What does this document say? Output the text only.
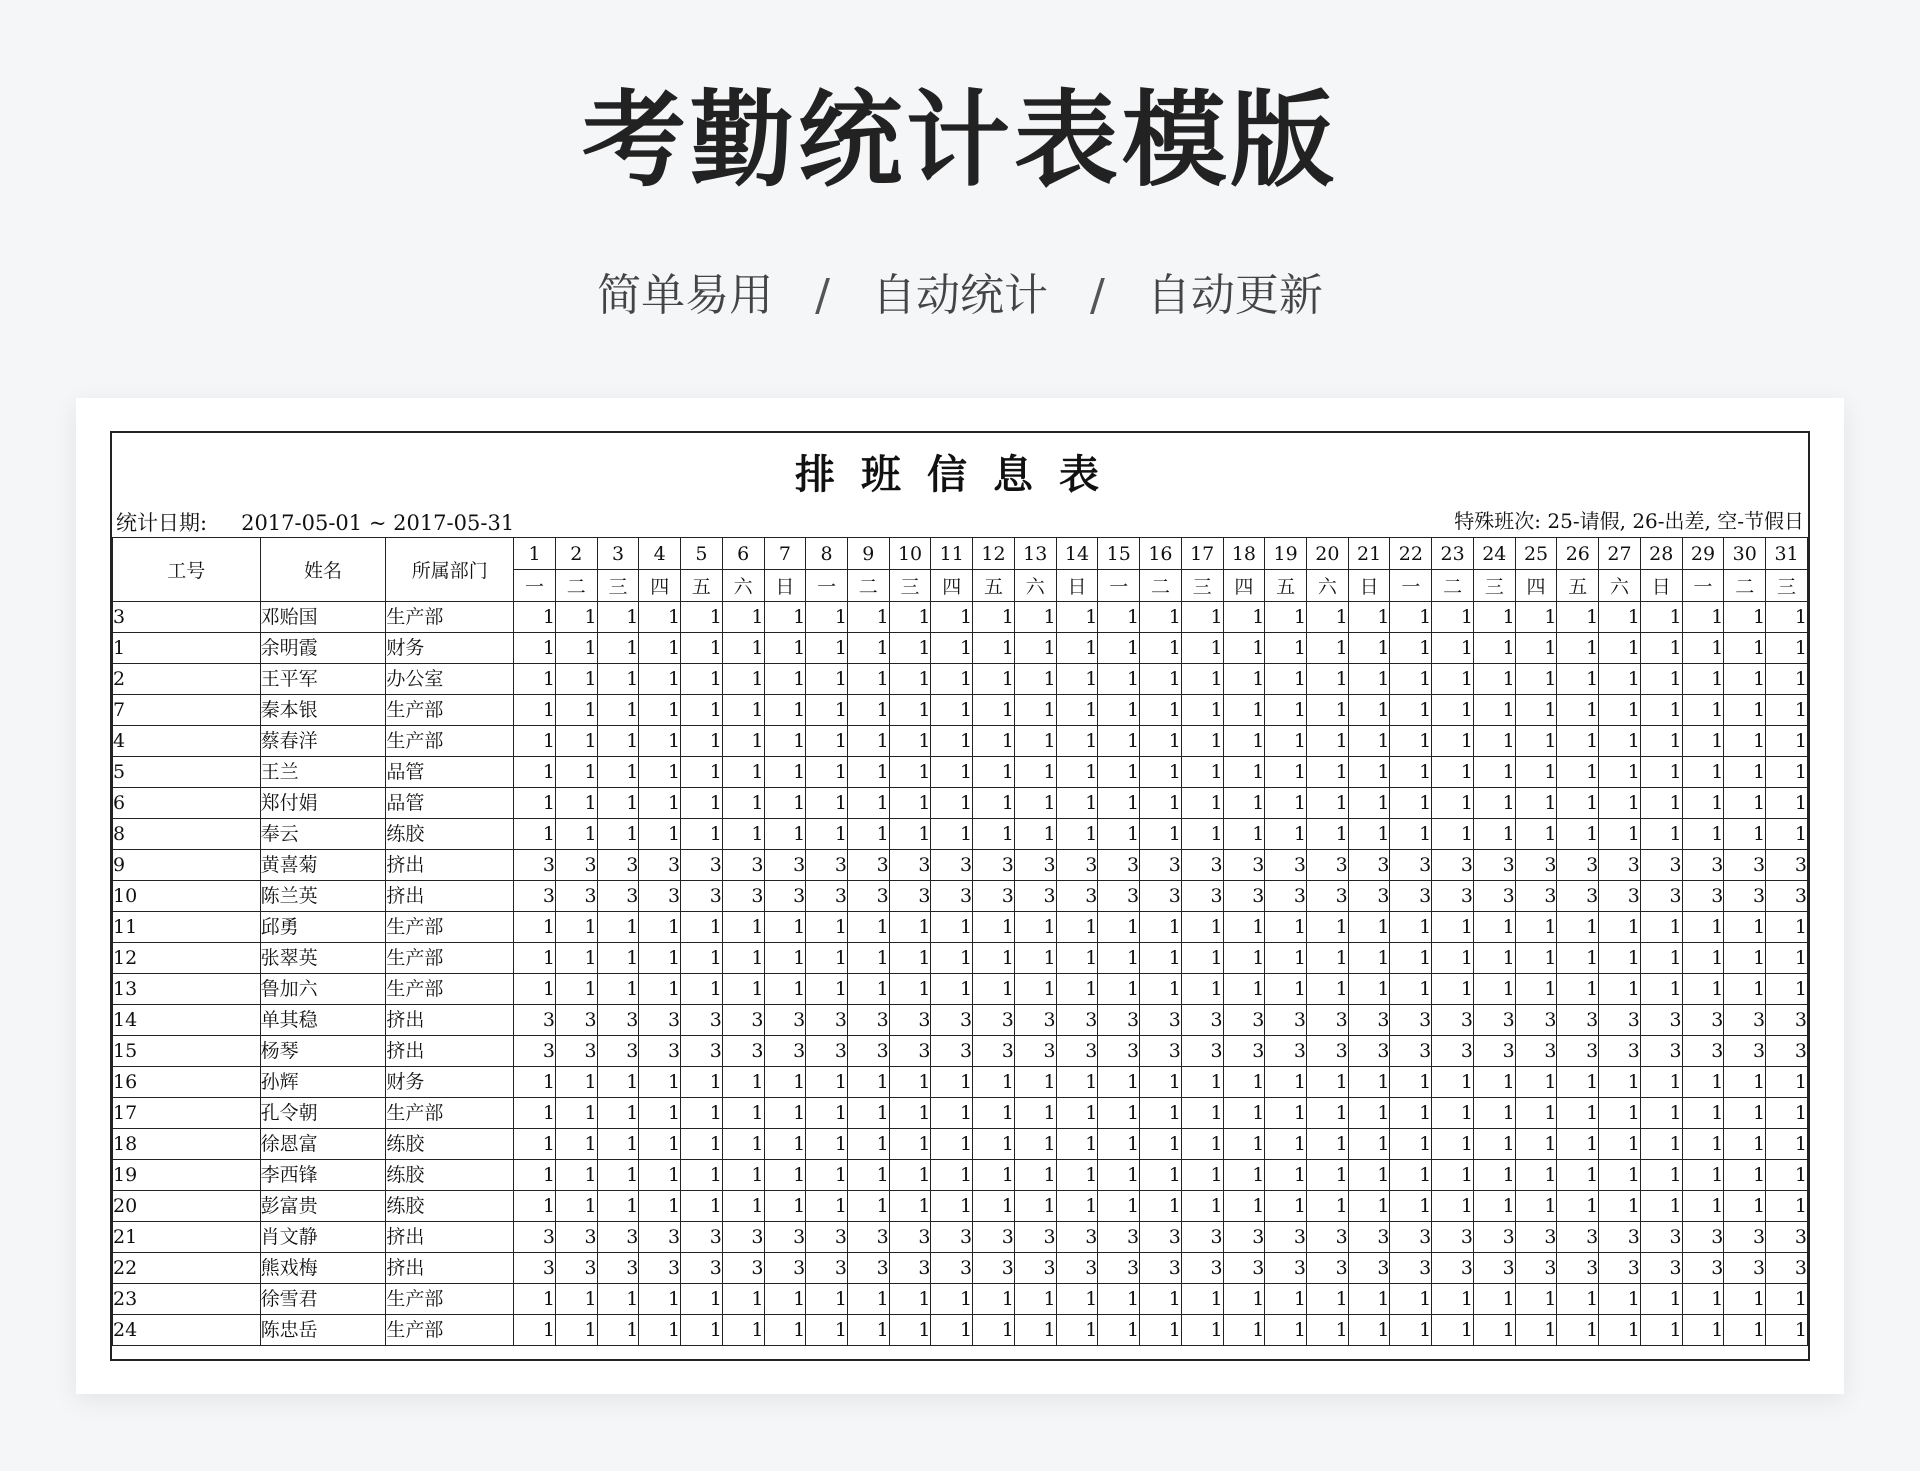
考勤统计表模版
简单易用 / 自动统计 / 自动更新
排班信息表
统计日期: 2017-05-01 ~ 2017-05-31	特殊班次: 25-请假, 26-出差, 空-节假日
工号	姓名	所属部门	1	2	3	4	5	6	7	8	9	10	11	12	13	14	15	16	17	18	19	20	21	22	23	24	25	26	27	28	29	30	31
			一	二	三	四	五	六	日	一	二	三	四	五	六	日	一	二	三	四	五	六	日	一	二	三	四	五	六	日	一	二	三
3	邓贻国	生产部	1	1	1	1	1	1	1	1	1	1	1	1	1	1	1	1	1	1	1	1	1	1	1	1	1	1	1	1	1	1	1
1	余明霞	财务	1	1	1	1	1	1	1	1	1	1	1	1	1	1	1	1	1	1	1	1	1	1	1	1	1	1	1	1	1	1	1
2	王平军	办公室	1	1	1	1	1	1	1	1	1	1	1	1	1	1	1	1	1	1	1	1	1	1	1	1	1	1	1	1	1	1	1
7	秦本银	生产部	1	1	1	1	1	1	1	1	1	1	1	1	1	1	1	1	1	1	1	1	1	1	1	1	1	1	1	1	1	1	1
4	蔡春洋	生产部	1	1	1	1	1	1	1	1	1	1	1	1	1	1	1	1	1	1	1	1	1	1	1	1	1	1	1	1	1	1	1
5	王兰	品管	1	1	1	1	1	1	1	1	1	1	1	1	1	1	1	1	1	1	1	1	1	1	1	1	1	1	1	1	1	1	1
6	郑付娟	品管	1	1	1	1	1	1	1	1	1	1	1	1	1	1	1	1	1	1	1	1	1	1	1	1	1	1	1	1	1	1	1
8	奉云	练胶	1	1	1	1	1	1	1	1	1	1	1	1	1	1	1	1	1	1	1	1	1	1	1	1	1	1	1	1	1	1	1
9	黄喜菊	挤出	3	3	3	3	3	3	3	3	3	3	3	3	3	3	3	3	3	3	3	3	3	3	3	3	3	3	3	3	3	3	3
10	陈兰英	挤出	3	3	3	3	3	3	3	3	3	3	3	3	3	3	3	3	3	3	3	3	3	3	3	3	3	3	3	3	3	3	3
11	邱勇	生产部	1	1	1	1	1	1	1	1	1	1	1	1	1	1	1	1	1	1	1	1	1	1	1	1	1	1	1	1	1	1	1
12	张翠英	生产部	1	1	1	1	1	1	1	1	1	1	1	1	1	1	1	1	1	1	1	1	1	1	1	1	1	1	1	1	1	1	1
13	鲁加六	生产部	1	1	1	1	1	1	1	1	1	1	1	1	1	1	1	1	1	1	1	1	1	1	1	1	1	1	1	1	1	1	1
14	单其稳	挤出	3	3	3	3	3	3	3	3	3	3	3	3	3	3	3	3	3	3	3	3	3	3	3	3	3	3	3	3	3	3	3
15	杨琴	挤出	3	3	3	3	3	3	3	3	3	3	3	3	3	3	3	3	3	3	3	3	3	3	3	3	3	3	3	3	3	3	3
16	孙辉	财务	1	1	1	1	1	1	1	1	1	1	1	1	1	1	1	1	1	1	1	1	1	1	1	1	1	1	1	1	1	1	1
17	孔令朝	生产部	1	1	1	1	1	1	1	1	1	1	1	1	1	1	1	1	1	1	1	1	1	1	1	1	1	1	1	1	1	1	1
18	徐恩富	练胶	1	1	1	1	1	1	1	1	1	1	1	1	1	1	1	1	1	1	1	1	1	1	1	1	1	1	1	1	1	1	1
19	李西锋	练胶	1	1	1	1	1	1	1	1	1	1	1	1	1	1	1	1	1	1	1	1	1	1	1	1	1	1	1	1	1	1	1
20	彭富贵	练胶	1	1	1	1	1	1	1	1	1	1	1	1	1	1	1	1	1	1	1	1	1	1	1	1	1	1	1	1	1	1	1
21	肖文静	挤出	3	3	3	3	3	3	3	3	3	3	3	3	3	3	3	3	3	3	3	3	3	3	3	3	3	3	3	3	3	3	3
22	熊戏梅	挤出	3	3	3	3	3	3	3	3	3	3	3	3	3	3	3	3	3	3	3	3	3	3	3	3	3	3	3	3	3	3	3
23	徐雪君	生产部	1	1	1	1	1	1	1	1	1	1	1	1	1	1	1	1	1	1	1	1	1	1	1	1	1	1	1	1	1	1	1
24	陈忠岳	生产部	1	1	1	1	1	1	1	1	1	1	1	1	1	1	1	1	1	1	1	1	1	1	1	1	1	1	1	1	1	1	1
